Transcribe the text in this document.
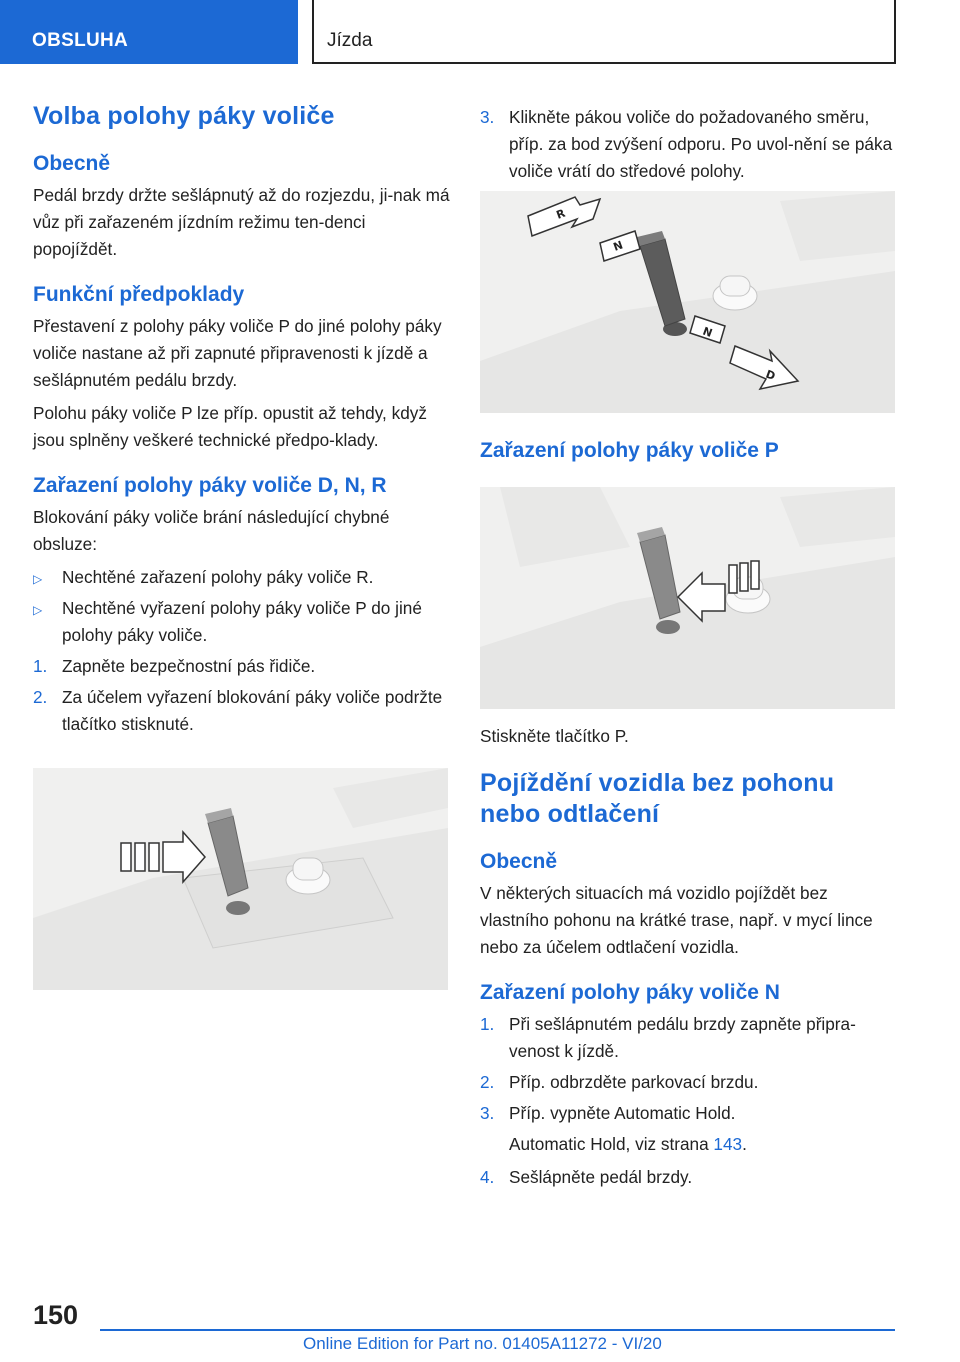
OBSLUHA	Jízda
Volba polohy páky voliče
Obecně

Pedál brzdy držte sešlápnutý až do rozjezdu, ji-nak má vůz při zařazeném jízdním režimu ten-denci popojíždět.

Funkční předpoklady

Přestavení z polohy páky voliče P do jiné polohy páky voliče nastane až při zapnuté připravenosti k jízdě a sešlápnutém pedálu brzdy.

Polohu páky voliče P lze příp. opustit až tehdy, když jsou splněny veškeré technické předpo-klady.

Zařazení polohy páky voliče D, N, R

Blokování páky voliče brání následující chybné obsluze:

▷ Nechtěné zařazení polohy páky voliče R.
▷ Nechtěné vyřazení polohy páky voliče P do jiné polohy páky voliče.
1. Zapněte bezpečnostní pás řidiče.
2. Za účelem vyřazení blokování páky voliče podržte tlačítko stisknuté.
3. Klikněte pákou voliče do požadovaného směru, příp. za bod zvýšení odporu. Po uvol-nění se páka voliče vrátí do středové polohy.
R
N
N
D
Zařazení polohy páky voliče P

Stiskněte tlačítko P.

Pojíždění vozidla bez pohonu nebo odtlačení
Obecně

V některých situacích má vozidlo pojíždět bez vlastního pohonu na krátké trase, např. v mycí lince nebo za účelem odtlačení vozidla.

Zařazení polohy páky voliče N
1. Při sešlápnutém pedálu brzdy zapněte připra-venost k jízdě.
2. Příp. odbrzděte parkovací brzdu.
3. Příp. vypněte Automatic Hold.

Automatic Hold, viz strana 143.

4. Sešlápněte pedál brzdy.
150
Online Edition for Part no. 01405A11272 - VI/20
